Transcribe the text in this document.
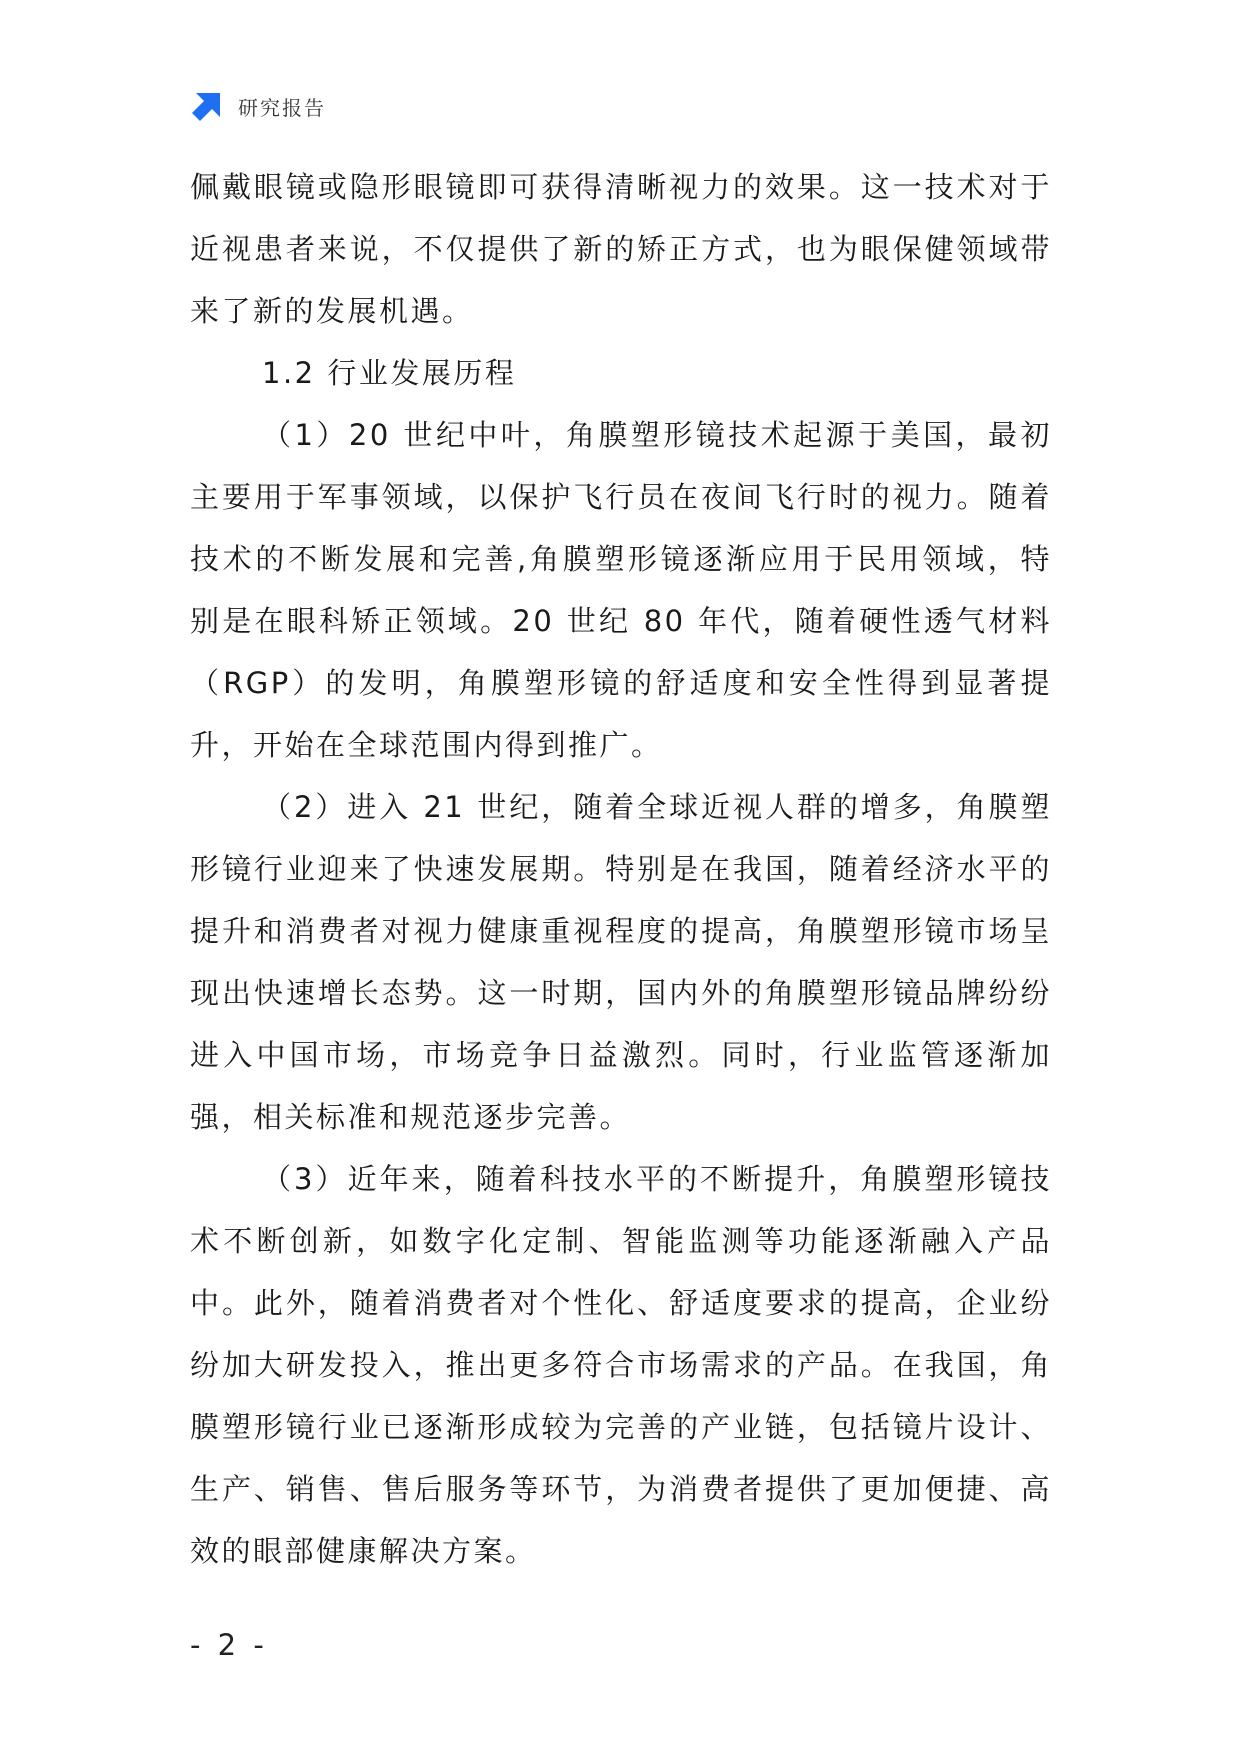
研究报告

佩戴眼镜或隐形眼镜即可获得清晰视力的效果。这一技术对于近视患者来说，不仅提供了新的矫正方式，也为眼保健领域带来了新的发展机遇。

1.2 行业发展历程

（1）20 世纪中叶，角膜塑形镜技术起源于美国，最初主要用于军事领域，以保护飞行员在夜间飞行时的视力。随着技术的不断发展和完善,角膜塑形镜逐渐应用于民用领域，特别是在眼科矫正领域。20 世纪 80 年代，随着硬性透气材料（RGP）的发明，角膜塑形镜的舒适度和安全性得到显著提升，开始在全球范围内得到推广。

（2）进入 21 世纪，随着全球近视人群的增多，角膜塑形镜行业迎来了快速发展期。特别是在我国，随着经济水平的提升和消费者对视力健康重视程度的提高，角膜塑形镜市场呈现出快速增长态势。这一时期，国内外的角膜塑形镜品牌纷纷进入中国市场，市场竞争日益激烈。同时，行业监管逐渐加强，相关标准和规范逐步完善。

（3）近年来，随着科技水平的不断提升，角膜塑形镜技术不断创新，如数字化定制、智能监测等功能逐渐融入产品中。此外，随着消费者对个性化、舒适度要求的提高，企业纷纷加大研发投入，推出更多符合市场需求的产品。在我国，角膜塑形镜行业已逐渐形成较为完善的产业链，包括镜片设计、生产、销售、售后服务等环节，为消费者提供了更加便捷、高效的眼部健康解决方案。

- 2 -
